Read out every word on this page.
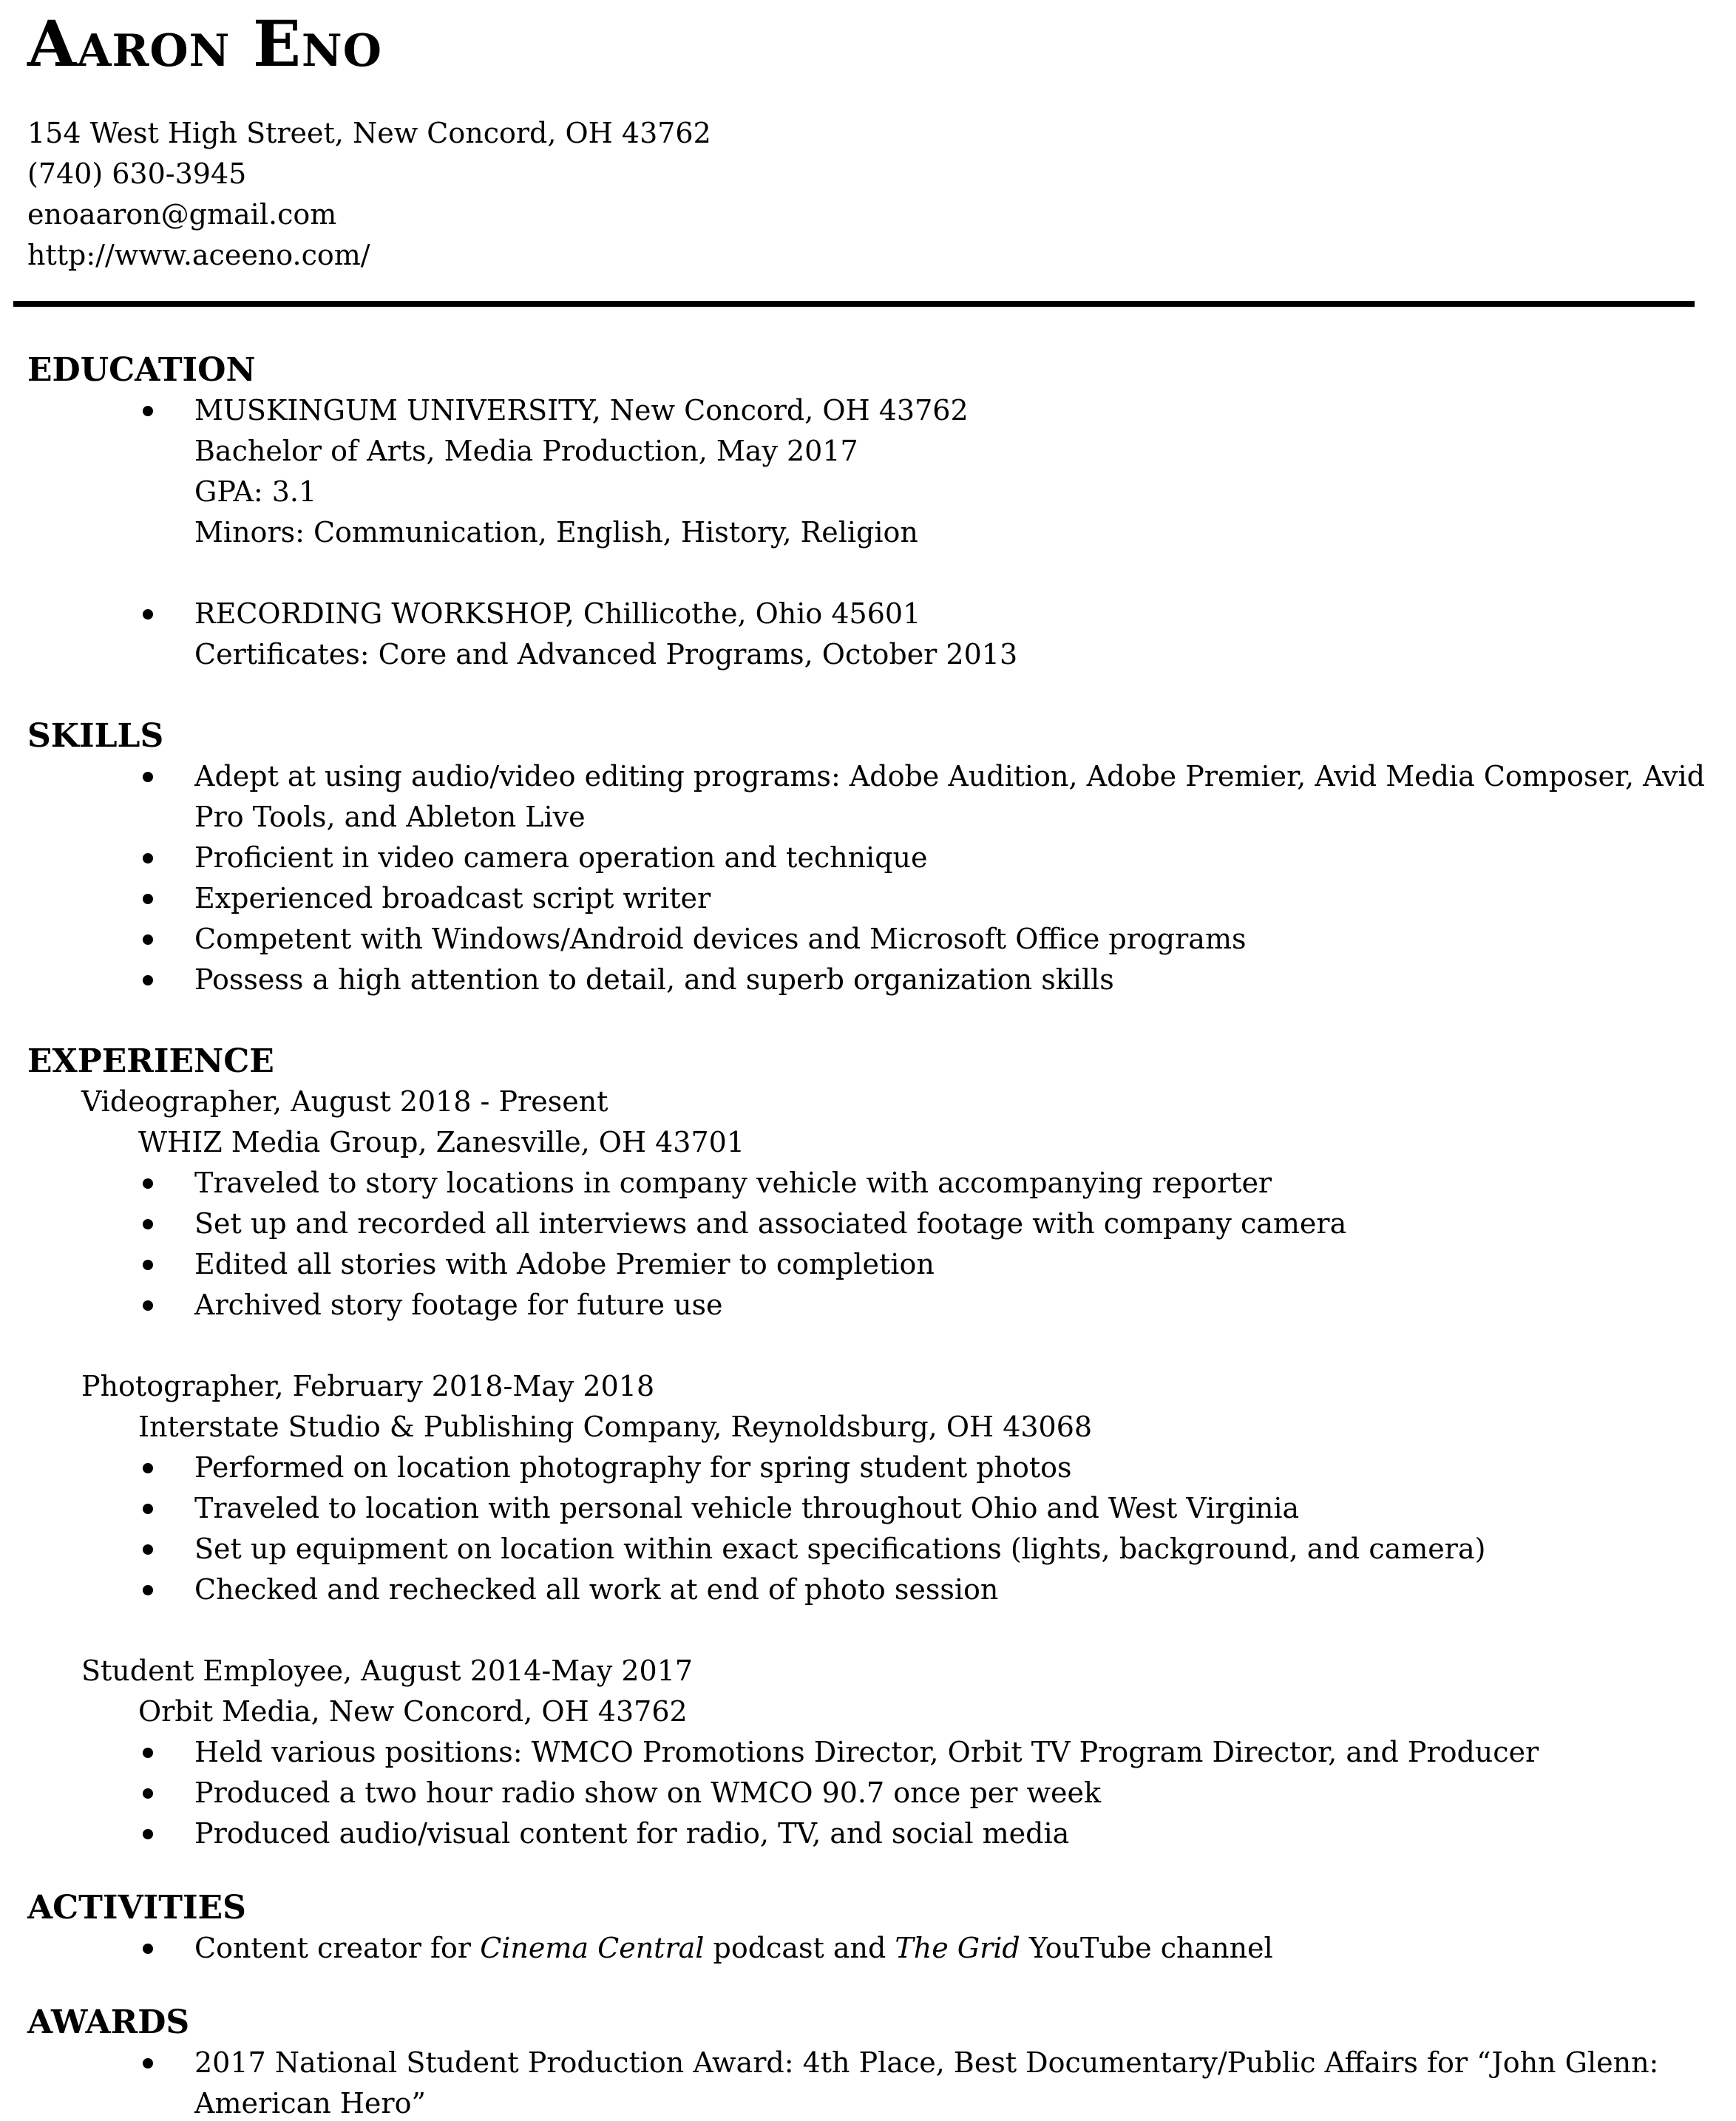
Aaron Eno

154 West High Street, New Concord, OH 43762

(740) 630-3945

enoaaron@gmail.com

http://www.aceeno.com/

EDUCATION
MUSKINGUM UNIVERSITY, New Concord, OH 43762

Bachelor of Arts, Media Production, May 2017

GPA: 3.1

Minors: Communication, English, History, Religion

RECORDING WORKSHOP, Chillicothe, Ohio 45601

Certificates: Core and Advanced Programs, October 2013

SKILLS
Adept at using audio/video editing programs: Adobe Audition, Adobe Premier, Avid Media Composer, Avid Pro Tools, and Ableton Live
Proficient in video camera operation and technique
Experienced broadcast script writer
Competent with Windows/Android devices and Microsoft Office programs
Possess a high attention to detail, and superb organization skills
EXPERIENCE

Videographer, August 2018 - Present

WHIZ Media Group, Zanesville, OH 43701

Traveled to story locations in company vehicle with accompanying reporter
Set up and recorded all interviews and associated footage with company camera
Edited all stories with Adobe Premier to completion
Archived story footage for future use

Photographer, February 2018-May 2018

Interstate Studio & Publishing Company, Reynoldsburg, OH 43068

Performed on location photography for spring student photos
Traveled to location with personal vehicle throughout Ohio and West Virginia
Set up equipment on location within exact specifications (lights, background, and camera)
Checked and rechecked all work at end of photo session

Student Employee, August 2014-May 2017

Orbit Media, New Concord, OH 43762

Held various positions: WMCO Promotions Director, Orbit TV Program Director, and Producer
Produced a two hour radio show on WMCO 90.7 once per week
Produced audio/visual content for radio, TV, and social media
ACTIVITIES
Content creator for Cinema Central podcast and The Grid YouTube channel
AWARDS
2017 National Student Production Award: 4th Place, Best Documentary/Public Affairs for “John Glenn: American Hero”
